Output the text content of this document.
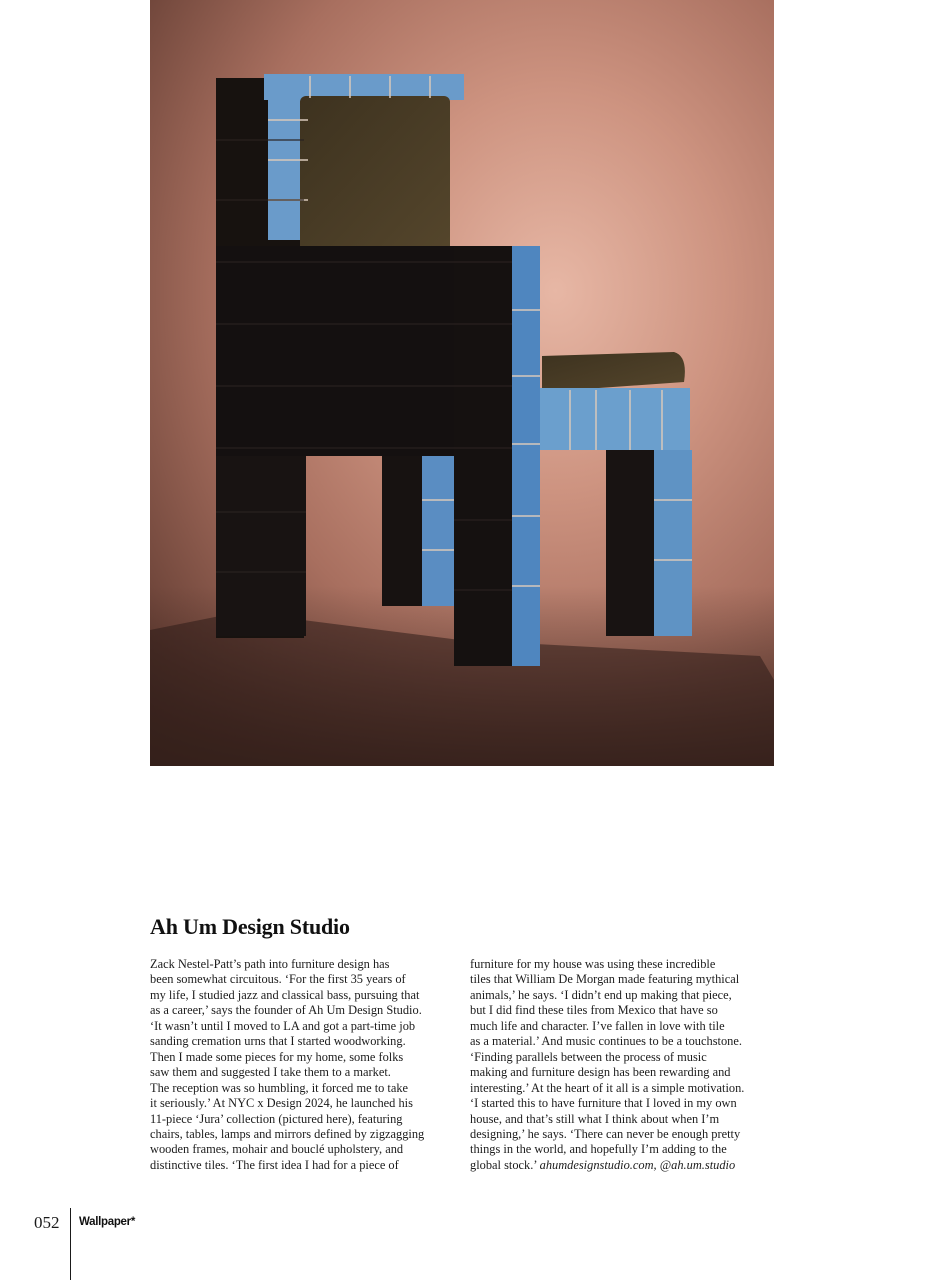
Ah Um Design Studio

Zack Nestel-Patt’s path into furniture design has
been somewhat circuitous. ‘For the first 35 years of
my life, I studied jazz and classical bass, pursuing that
as a career,’ says the founder of Ah Um Design Studio.
‘It wasn’t until I moved to LA and got a part-time job
sanding cremation urns that I started woodworking.
Then I made some pieces for my home, some folks
saw them and suggested I take them to a market.
The reception was so humbling, it forced me to take
it seriously.’ At NYC x Design 2024, he launched his
11-piece ‘Jura’ collection (pictured here), featuring
chairs, tables, lamps and mirrors defined by zigzagging
wooden frames, mohair and bouclé upholstery, and
distinctive tiles. ‘The first idea I had for a piece of

furniture for my house was using these incredible
tiles that William De Morgan made featuring mythical
animals,’ he says. ‘I didn’t end up making that piece,
but I did find these tiles from Mexico that have so
much life and character. I’ve fallen in love with tile
as a material.’ And music continues to be a touchstone.
‘Finding parallels between the process of music
making and furniture design has been rewarding and
interesting.’ At the heart of it all is a simple motivation.
‘I started this to have furniture that I loved in my own
house, and that’s still what I think about when I’m
designing,’ he says. ‘There can never be enough pretty
things in the world, and hopefully I’m adding to the
global stock.’ ahumdesignstudio.com, @ah.um.studio

052 Wallpaper*
